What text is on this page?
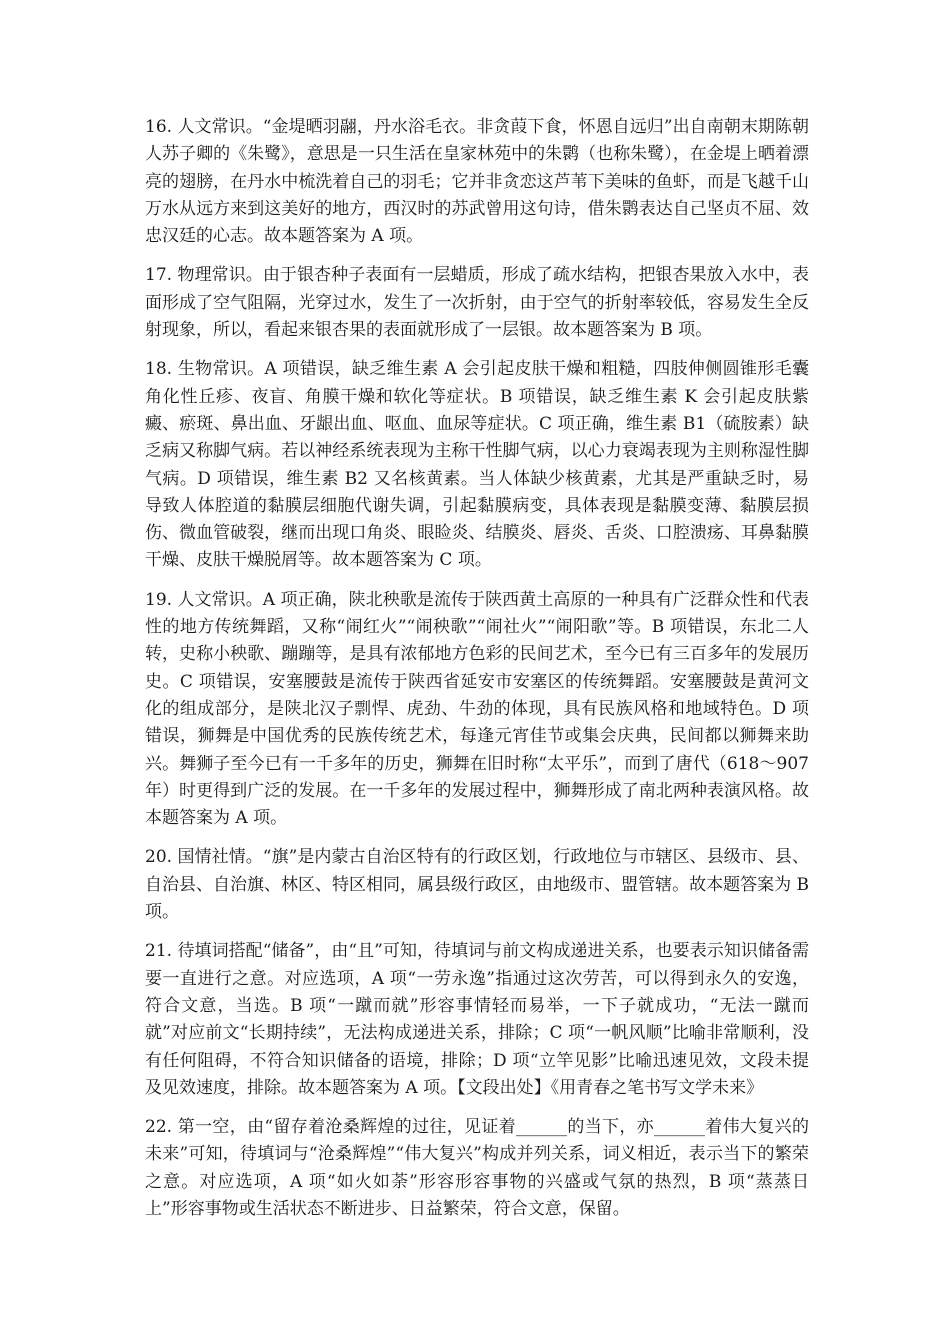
16. 人文常识。“金堤晒羽翮，丹水浴毛衣。非贪葭下食，怀恩自远归”出自南朝末期陈朝人苏子卿的《朱鹭》，意思是一只生活在皇家林苑中的朱鹮（也称朱鹭），在金堤上晒着漂亮的翅膀，在丹水中梳洗着自己的羽毛；它并非贪恋这芦苇下美味的鱼虾，而是飞越千山万水从远方来到这美好的地方，西汉时的苏武曾用这句诗，借朱鹮表达自己坚贞不屈、效忠汉廷的心志。故本题答案为 A 项。

17. 物理常识。由于银杏种子表面有一层蜡质，形成了疏水结构，把银杏果放入水中，表面形成了空气阻隔，光穿过水，发生了一次折射，由于空气的折射率较低，容易发生全反射现象，所以，看起来银杏果的表面就形成了一层银。故本题答案为 B 项。

18. 生物常识。A 项错误，缺乏维生素 A 会引起皮肤干燥和粗糙，四肢伸侧圆锥形毛囊角化性丘疹、夜盲、角膜干燥和软化等症状。B 项错误，缺乏维生素 K 会引起皮肤紫癜、瘀斑、鼻出血、牙龈出血、呕血、血尿等症状。C 项正确，维生素 B1（硫胺素）缺乏病又称脚气病。若以神经系统表现为主称干性脚气病，以心力衰竭表现为主则称湿性脚气病。D 项错误，维生素 B2 又名核黄素。当人体缺少核黄素，尤其是严重缺乏时，易导致人体腔道的黏膜层细胞代谢失调，引起黏膜病变，具体表现是黏膜变薄、黏膜层损伤、微血管破裂，继而出现口角炎、眼睑炎、结膜炎、唇炎、舌炎、口腔溃疡、耳鼻黏膜干燥、皮肤干燥脱屑等。故本题答案为 C 项。

19. 人文常识。A 项正确，陕北秧歌是流传于陕西黄土高原的一种具有广泛群众性和代表性的地方传统舞蹈，又称“闹红火”“闹秧歌”“闹社火”“闹阳歌”等。B 项错误，东北二人转，史称小秧歌、蹦蹦等，是具有浓郁地方色彩的民间艺术，至今已有三百多年的发展历史。C 项错误，安塞腰鼓是流传于陕西省延安市安塞区的传统舞蹈。安塞腰鼓是黄河文化的组成部分，是陕北汉子剽悍、虎劲、牛劲的体现，具有民族风格和地域特色。D 项错误，狮舞是中国优秀的民族传统艺术，每逢元宵佳节或集会庆典，民间都以狮舞来助兴。舞狮子至今已有一千多年的历史，狮舞在旧时称“太平乐”，而到了唐代（618～907 年）时更得到广泛的发展。在一千多年的发展过程中，狮舞形成了南北两种表演风格。故本题答案为 A 项。

20. 国情社情。“旗”是内蒙古自治区特有的行政区划，行政地位与市辖区、县级市、县、自治县、自治旗、林区、特区相同，属县级行政区，由地级市、盟管辖。故本题答案为 B 项。

21. 待填词搭配“储备”，由“且”可知，待填词与前文构成递进关系，也要表示知识储备需要一直进行之意。对应选项，A 项“一劳永逸”指通过这次劳苦，可以得到永久的安逸，符合文意，当选。B 项“一蹴而就”形容事情轻而易举，一下子就成功，“无法一蹴而就”对应前文“长期持续”，无法构成递进关系，排除；C 项“一帆风顺”比喻非常顺利，没有任何阻碍，不符合知识储备的语境，排除；D 项“立竿见影”比喻迅速见效，文段未提及见效速度，排除。故本题答案为 A 项。【文段出处】《用青春之笔书写文学未来》

22. 第一空，由“留存着沧桑辉煌的过往，见证着______的当下，亦______着伟大复兴的未来”可知，待填词与“沧桑辉煌”“伟大复兴”构成并列关系，词义相近，表示当下的繁荣之意。对应选项，A 项“如火如荼”形容形容事物的兴盛或气氛的热烈，B 项“蒸蒸日上”形容事物或生活状态不断进步、日益繁荣，符合文意，保留。
